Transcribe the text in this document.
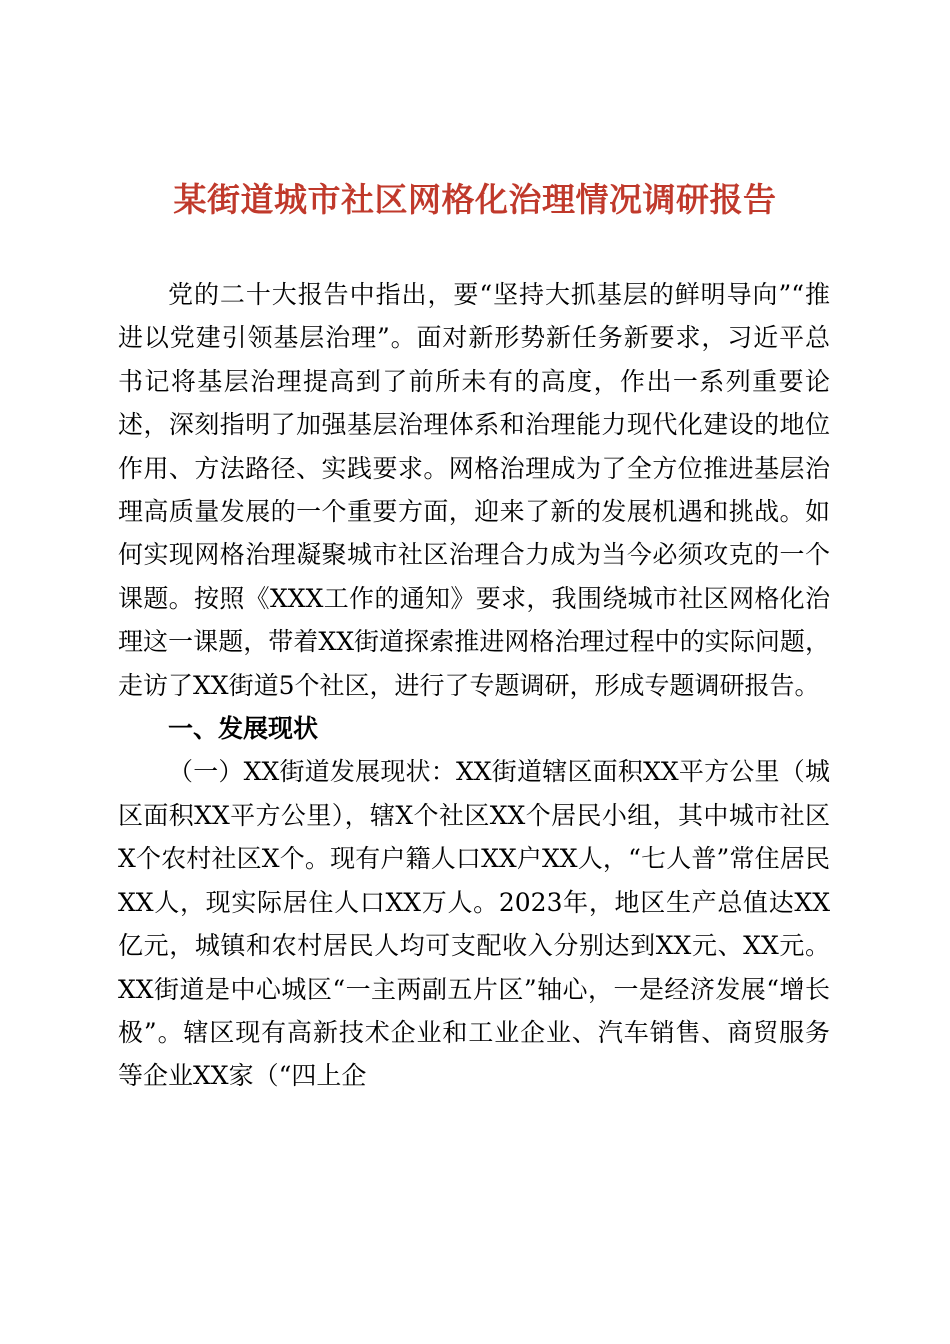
某街道城市社区网格化治理情况调研报告

党的二十大报告中指出，要“坚持大抓基层的鲜明导向”“推进以党建引领基层治理”。面对新形势新任务新要求，习近平总书记将基层治理提高到了前所未有的高度，作出一系列重要论述，深刻指明了加强基层治理体系和治理能力现代化建设的地位作用、方法路径、实践要求。网格治理成为了全方位推进基层治理高质量发展的一个重要方面，迎来了新的发展机遇和挑战。如何实现网格治理凝聚城市社区治理合力成为当今必须攻克的一个课题。按照《XXX工作的通知》要求，我围绕城市社区网格化治理这一课题，带着XX街道探索推进网格治理过程中的实际问题，走访了XX街道5个社区，进行了专题调研，形成专题调研报告。

一、发展现状

（一）XX街道发展现状：XX街道辖区面积XX平方公里（城区面积XX平方公里），辖X个社区XX个居民小组，其中城市社区X个农村社区X个。现有户籍人口XX户XX人，“七人普”常住居民XX人，现实际居住人口XX万人。2023年，地区生产总值达XX亿元，城镇和农村居民人均可支配收入分别达到XX元、XX元。XX街道是中心城区“一主两副五片区”轴心，一是经济发展“增长极”。辖区现有高新技术企业和工业企业、汽车销售、商贸服务等企业XX家（“四上企
